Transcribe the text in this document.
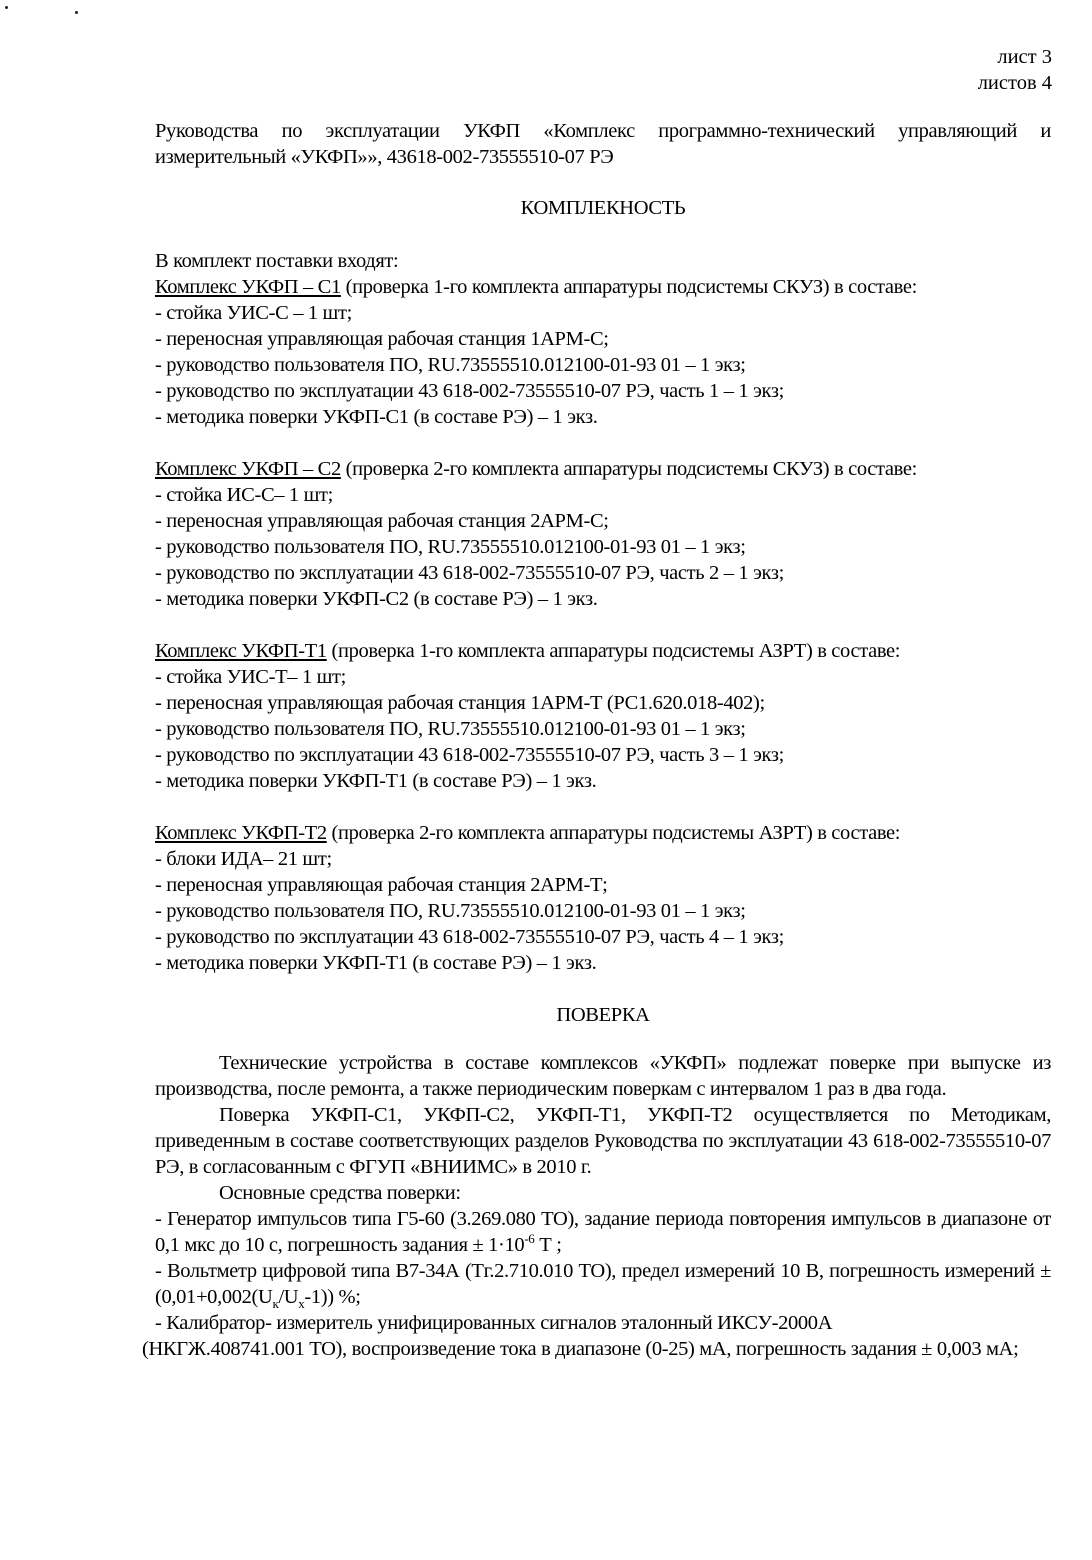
лист 3
листов 4
Руководства по эксплуатации УКФП «Комплекс программно-технический управляющий и измерительный «УКФП»», 43618-002-73555510-07 РЭ
КОМПЛЕКНОСТЬ
В комплект поставки входят:
Комплекс УКФП – С1 (проверка 1-го комплекта аппаратуры подсистемы СКУЗ) в составе:
- стойка УИС-С – 1 шт;
- переносная управляющая рабочая станция 1АРМ-С;
- руководство пользователя ПО, RU.73555510.012100-01-93 01 – 1 экз;
- руководство по эксплуатации 43 618-002-73555510-07 РЭ, часть 1 – 1 экз;
- методика поверки УКФП-С1 (в составе РЭ) – 1 экз.
Комплекс УКФП – С2 (проверка 2-го комплекта аппаратуры подсистемы СКУЗ) в составе:
- стойка ИС-С– 1 шт;
- переносная управляющая рабочая станция 2АРМ-С;
- руководство пользователя ПО, RU.73555510.012100-01-93 01 – 1 экз;
- руководство по эксплуатации 43 618-002-73555510-07 РЭ, часть 2 – 1 экз;
- методика поверки УКФП-С2 (в составе РЭ) – 1 экз.
Комплекс УКФП-Т1 (проверка 1-го комплекта аппаратуры подсистемы АЗРТ) в составе:
- стойка УИС-Т– 1 шт;
- переносная управляющая рабочая станция 1АРМ-Т (РС1.620.018-402);
- руководство пользователя ПО, RU.73555510.012100-01-93 01 – 1 экз;
- руководство по эксплуатации 43 618-002-73555510-07 РЭ, часть 3 – 1 экз;
- методика поверки УКФП-Т1 (в составе РЭ) – 1 экз.
Комплекс УКФП-Т2 (проверка 2-го комплекта аппаратуры подсистемы АЗРТ) в составе:
- блоки ИДА– 21 шт;
- переносная управляющая рабочая станция 2АРМ-Т;
- руководство пользователя ПО, RU.73555510.012100-01-93 01 – 1 экз;
- руководство по эксплуатации 43 618-002-73555510-07 РЭ, часть 4 – 1 экз;
- методика поверки УКФП-Т1 (в составе РЭ) – 1 экз.
ПОВЕРКА
Технические устройства в составе комплексов «УКФП» подлежат поверке при выпуске из производства, после ремонта, а также периодическим поверкам с интервалом 1 раз в два года.
Поверка УКФП-С1, УКФП-С2, УКФП-Т1, УКФП-Т2 осуществляется по Методикам, приведенным в составе соответствующих разделов Руководства по эксплуатации 43 618-002-73555510-07 РЭ, в согласованным с ФГУП «ВНИИМС» в 2010 г.
Основные средства поверки:
- Генератор импульсов типа Г5-60 (3.269.080 ТО), задание периода повторения импульсов в диапазоне от 0,1 мкс до 10 с, погрешность задания ± $1\cdot 10^{-6}$ Т ;
- Вольтметр цифровой типа В7-34А (Тг.2.710.010 ТО), предел измерений 10 В, погрешность измерений ± $(0,01+0,002(U_к/U_х-1))$ %;
- Калибратор- измеритель унифицированных сигналов эталонный ИКСУ-2000А
(НКГЖ.408741.001 ТО), воспроизведение тока в диапазоне (0-25) мА, погрешность задания ± 0,003 мА;
